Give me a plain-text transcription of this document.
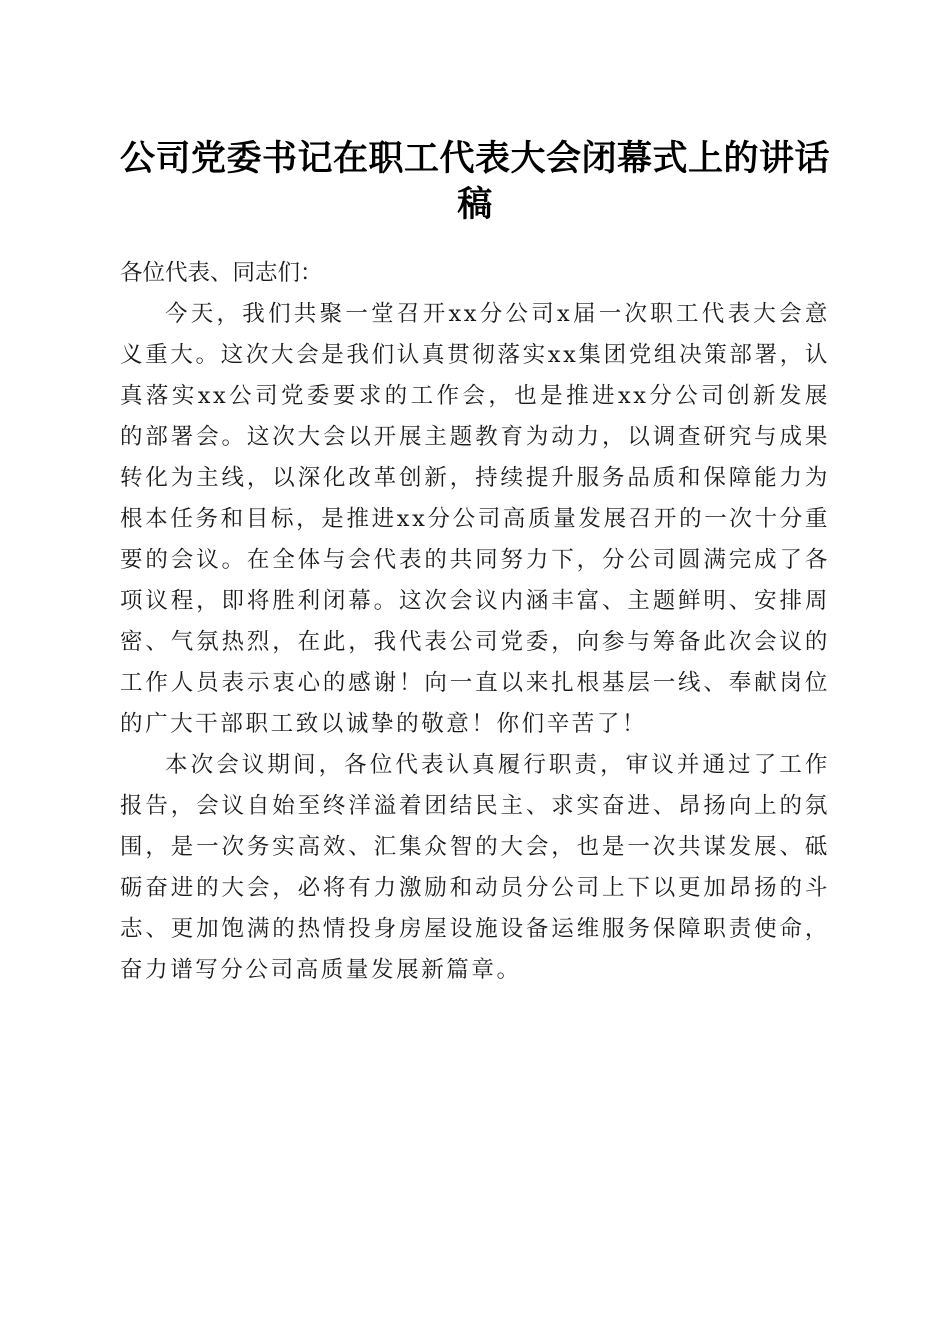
公司党委书记在职工代表大会闭幕式上的讲话稿

各位代表、同志们：

今天，我们共聚一堂召开xx分公司x届一次职工代表大会意义重大。这次大会是我们认真贯彻落实xx集团党组决策部署，认真落实xx公司党委要求的工作会，也是推进xx分公司创新发展的部署会。这次大会以开展主题教育为动力，以调查研究与成果转化为主线，以深化改革创新，持续提升服务品质和保障能力为根本任务和目标，是推进xx分公司高质量发展召开的一次十分重要的会议。在全体与会代表的共同努力下，分公司圆满完成了各项议程，即将胜利闭幕。这次会议内涵丰富、主题鲜明、安排周密、气氛热烈，在此，我代表公司党委，向参与筹备此次会议的工作人员表示衷心的感谢！向一直以来扎根基层一线、奉献岗位的广大干部职工致以诚挚的敬意！你们辛苦了！

本次会议期间，各位代表认真履行职责，审议并通过了工作报告，会议自始至终洋溢着团结民主、求实奋进、昂扬向上的氛围，是一次务实高效、汇集众智的大会，也是一次共谋发展、砥砺奋进的大会，必将有力激励和动员分公司上下以更加昂扬的斗志、更加饱满的热情投身房屋设施设备运维服务保障职责使命，奋力谱写分公司高质量发展新篇章。
